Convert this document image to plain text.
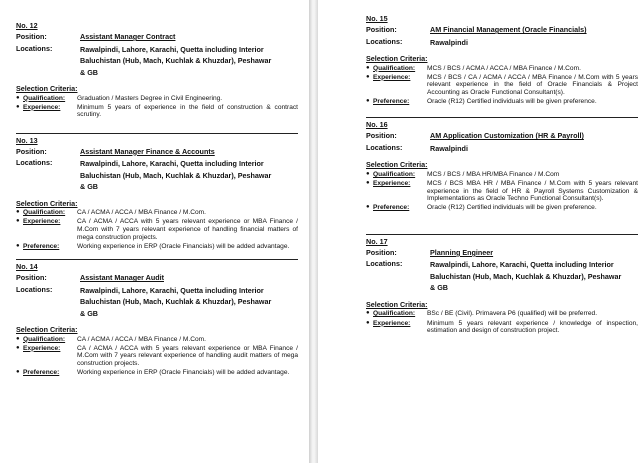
No. 12
Position:	Assistant Manager Contract
Locations:	Rawalpindi, Lahore, Karachi, Quetta including Interior
Baluchistan (Hub, Mach, Kuchlak & Khuzdar), Peshawar
& GB
Selection Criteria:
● Qualification:	Graduation / Masters Degree in Civil Engineering.
● Experience:	Minimum 5 years of experience in the field of construction & contract scrutiny.
No. 13
Position:	Assistant Manager Finance & Accounts
Locations:	Rawalpindi, Lahore, Karachi, Quetta including Interior
Baluchistan (Hub, Mach, Kuchlak & Khuzdar), Peshawar
& GB
Selection Criteria:
● Qualification:	CA / ACMA / ACCA / MBA Finance / M.Com.
● Experience:	CA / ACMA / ACCA with 5 years relevant experience or MBA Finance / M.Com with 7 years relevant experience of handling financial matters of mega construction projects.
● Preference:	Working experience in ERP (Oracle Financials) will be added advantage.
No. 14
Position:	Assistant Manager Audit
Locations:	Rawalpindi, Lahore, Karachi, Quetta including Interior
Baluchistan (Hub, Mach, Kuchlak & Khuzdar), Peshawar
& GB
Selection Criteria:
● Qualification:	CA / ACMA / ACCA / MBA Finance / M.Com.
● Experience:	CA / ACMA / ACCA with 5 years relevant experience or MBA Finance / M.Com with 7 years relevant experience of handling audit matters of mega construction projects.
● Preference:	Working experience in ERP (Oracle Financials) will be added advantage.
No. 15
Position:	AM Financial Management (Oracle Financials)
Locations:	Rawalpindi
Selection Criteria:
● Qualification:	MCS / BCS / ACMA / ACCA / MBA Finance / M.Com.
● Experience:	MCS / BCS / CA / ACMA / ACCA / MBA Finance / M.Com with 5 years relevant experience in the field of Oracle Financials & Project Accounting as Oracle Functional Consultant(s).
● Preference:	Oracle (R12) Certified individuals will be given preference.
No. 16
Position:	AM Application Customization (HR & Payroll)
Locations:	Rawalpindi
Selection Criteria:
● Qualification:	MCS / BCS / MBA HR/MBA Finance / M.Com
● Experience:	MCS / BCS MBA HR / MBA Finance / M.Com with 5 years relevant experience in the field of HR & Payroll Systems Customization & Implementations as Oracle Techno Functional Consultant(s).
● Preference:	Oracle (R12) Certified individuals will be given preference.
No. 17
Position:	Planning Engineer
Locations:	Rawalpindi, Lahore, Karachi, Quetta including Interior
Baluchistan (Hub, Mach, Kuchlak & Khuzdar), Peshawar
& GB
Selection Criteria:
● Qualification:	BSc / BE (Civil). Primavera P6 (qualified) will be preferred.
● Experience:	Minimum 5 years relevant experience / knowledge of inspection, estimation and design of construction project.
